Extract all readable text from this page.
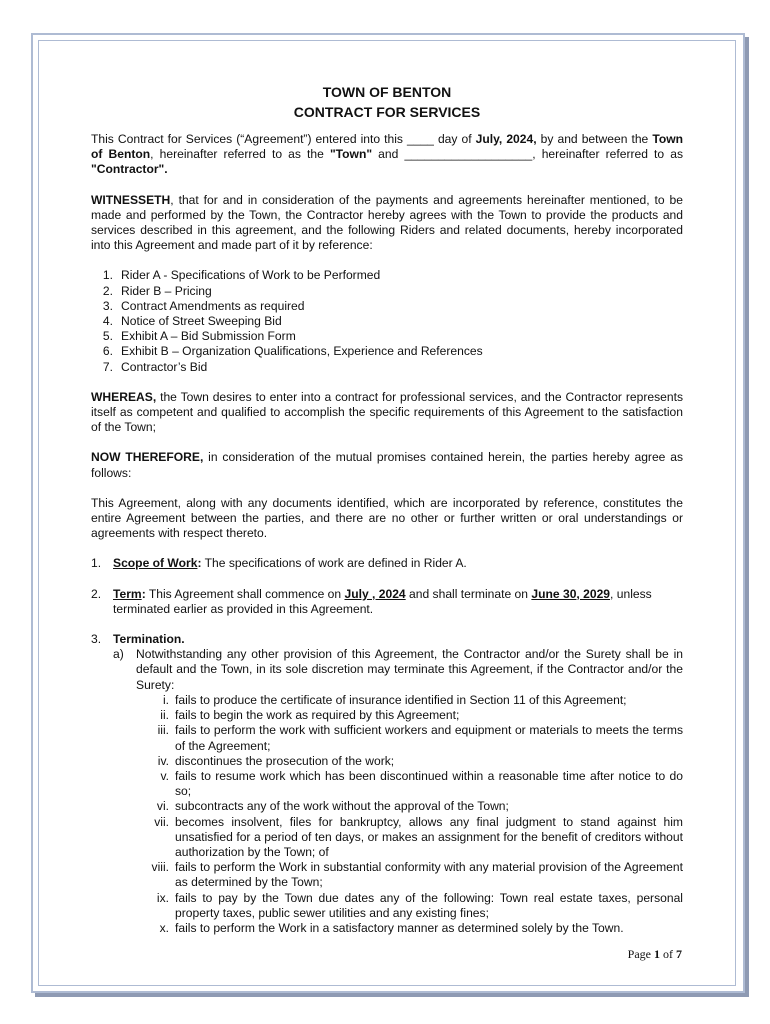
TOWN OF BENTON

CONTRACT FOR SERVICES

This Contract for Services (“Agreement”) entered into this ____ day of July, 2024, by and between the Town of Benton, hereinafter referred to as the "Town" and ___________________, hereinafter referred to as "Contractor".

WITNESSETH, that for and in consideration of the payments and agreements hereinafter mentioned, to be made and performed by the Town, the Contractor hereby agrees with the Town to provide the products and services described in this agreement, and the following Riders and related documents, hereby incorporated into this Agreement and made part of it by reference:

1. Rider A - Specifications of Work to be Performed
2. Rider B – Pricing
3. Contract Amendments as required
4. Notice of Street Sweeping Bid
5. Exhibit A – Bid Submission Form
6. Exhibit B – Organization Qualifications, Experience and References
7. Contractor’s Bid

WHEREAS, the Town desires to enter into a contract for professional services, and the Contractor represents itself as competent and qualified to accomplish the specific requirements of this Agreement to the satisfaction of the Town;

NOW THEREFORE, in consideration of the mutual promises contained herein, the parties hereby agree as follows:

This Agreement, along with any documents identified, which are incorporated by reference, constitutes the entire Agreement between the parties, and there are no other or further written or oral understandings or agreements with respect thereto.

1. Scope of Work: The specifications of work are defined in Rider A.
2. Term: This Agreement shall commence on July , 2024 and shall terminate on June 30, 2029, unless terminated earlier as provided in this Agreement.
3. Termination.
a)	Notwithstanding any other provision of this Agreement, the Contractor and/or the Surety shall be in default and the Town, in its sole discretion may terminate this Agreement, if the Contractor and/or the Surety:
i. fails to produce the certificate of insurance identified in Section 11 of this Agreement;
ii. fails to begin the work as required by this Agreement;
iii. fails to perform the work with sufficient workers and equipment or materials to meets the terms of the Agreement;
iv. discontinues the prosecution of the work;
v. fails to resume work which has been discontinued within a reasonable time after notice to do so;
vi. subcontracts any of the work without the approval of the Town;
vii. becomes insolvent, files for bankruptcy, allows any final judgment to stand against him unsatisfied for a period of ten days, or makes an assignment for the benefit of creditors without authorization by the Town; of
viii. fails to perform the Work in substantial conformity with any material provision of the Agreement as determined by the Town;
ix. fails to pay by the Town due dates any of the following: Town real estate taxes, personal property taxes, public sewer utilities and any existing fines;
x. fails to perform the Work in a satisfactory manner as determined solely by the Town.
Page 1 of 7
